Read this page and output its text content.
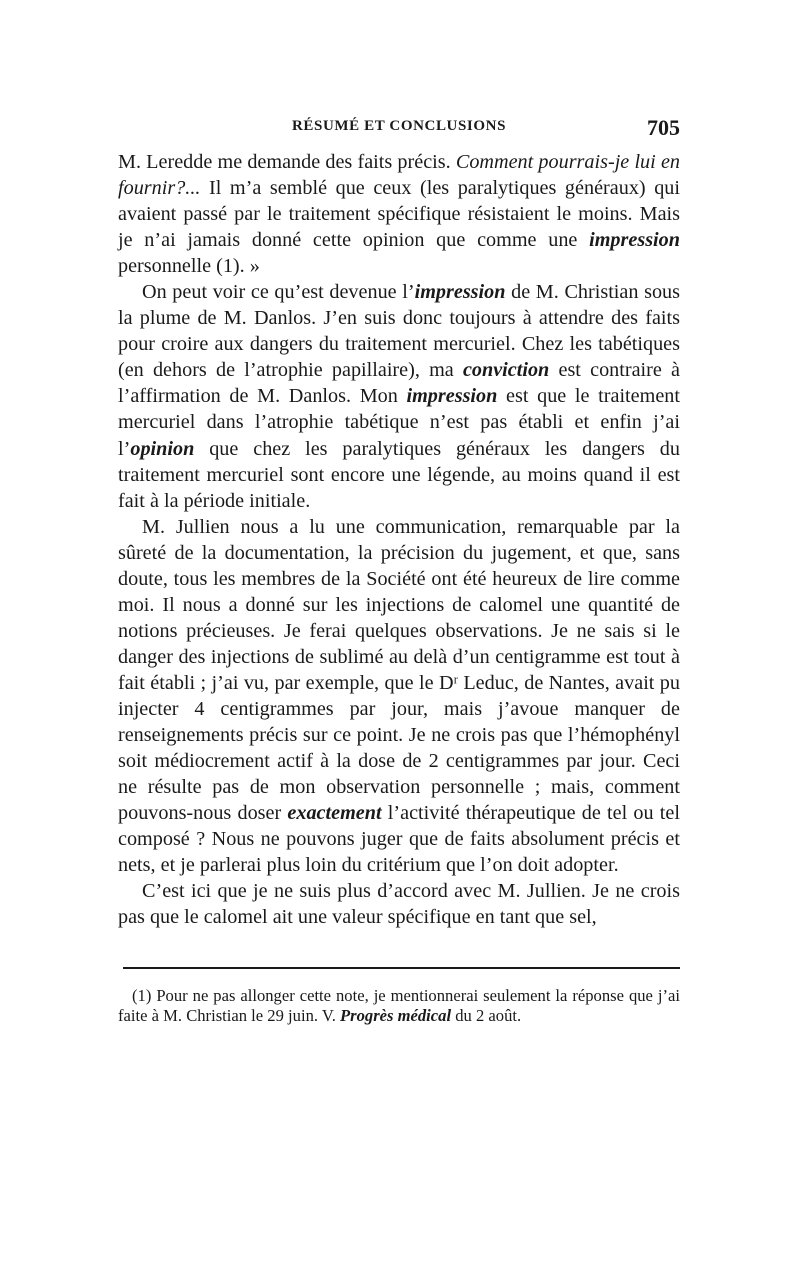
RÉSUMÉ ET CONCLUSIONS	705

M. Leredde me demande des faits précis. Comment pourrais-je lui en fournir?... Il m’a semblé que ceux (les paralytiques généraux) qui avaient passé par le traitement spécifique résistaient le moins. Mais je n’ai jamais donné cette opinion que comme une impression personnelle (1). »

On peut voir ce qu’est devenue l’impression de M. Christian sous la plume de M. Danlos. J’en suis donc toujours à attendre des faits pour croire aux dangers du traitement mercuriel. Chez les tabétiques (en dehors de l’atrophie papillaire), ma conviction est contraire à l’affirmation de M. Danlos. Mon impression est que le traitement mercuriel dans l’atrophie tabétique n’est pas établi et enfin j’ai l’opinion que chez les paralytiques généraux les dangers du traitement mercuriel sont encore une légende, au moins quand il est fait à la période initiale.

M. Jullien nous a lu une communication, remarquable par la sûreté de la documentation, la précision du jugement, et que, sans doute, tous les membres de la Société ont été heureux de lire comme moi. Il nous a donné sur les injections de calomel une quantité de notions précieuses. Je ferai quelques observations. Je ne sais si le danger des injections de sublimé au delà d’un centigramme est tout à fait établi ; j’ai vu, par exemple, que le Dʳ Leduc, de Nantes, avait pu injecter 4 centigrammes par jour, mais j’avoue manquer de renseignements précis sur ce point. Je ne crois pas que l’hémophényl soit médiocrement actif à la dose de 2 centigrammes par jour. Ceci ne résulte pas de mon observation personnelle ; mais, comment pouvons-nous doser exactement l’activité thérapeutique de tel ou tel composé ? Nous ne pouvons juger que de faits absolument précis et nets, et je parlerai plus loin du critérium que l’on doit adopter.

C’est ici que je ne suis plus d’accord avec M. Jullien. Je ne crois pas que le calomel ait une valeur spécifique en tant que sel,

(1) Pour ne pas allonger cette note, je mentionnerai seulement la réponse que j’ai faite à M. Christian le 29 juin. V. Progrès médical du 2 août.
